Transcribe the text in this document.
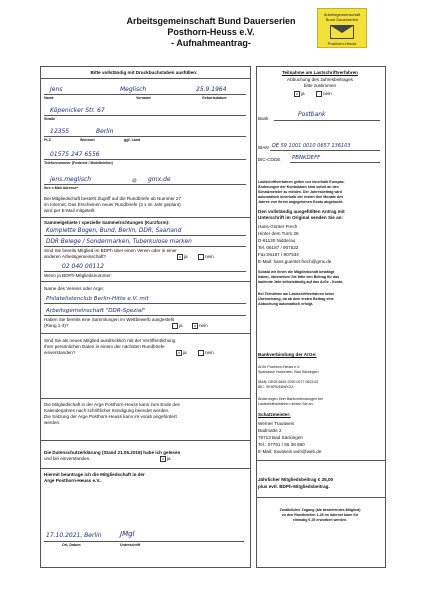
Arbeitsgemeinschaft Bund Dauerserien
Posthorn-Heuss e.V.
- Aufnahmeantrag-
Arbeitsgemeinschaft
Bund Dauerserien
Posthorn-Heuss
Bitte vollständig mit Druckbuchstaben ausfüllen:
Jens	Meglisch	25.9.1964
Name	Vorname	Geburtsdatum
Köpenicker Str. 67
Straße
12355	Berlin
PLZ	Wohnort	ggf. Land
01575 247 6556
Telefonnummer (Festnetz / Mobiltelefon)
jens.meglisch	@ gmx.de
Ihre e-Mail Adresse*
Bei Mitgliedschaft besteht Zugriff auf die Rundbriefe ab Nummer 27
im Internet. Das Erscheinen neuer Rundbriefe (3 x im Jahr geplant)
wird per E-Mail mitgeteilt.
Sammelgebiete / spezielle Sammelrichtungen (Kurzform):
Komplette Bogen, Bund, Berlin, DDR, Saarland
DDR Belege / Sondermarken, Tuberkulose marken
Sind Sie bereits Mitglied im BDPh über einen Verein oder in einer
anderen Arbeitsgemeinschaft?	x ja	nein
02 040 00112
Wenn ja BDPh-Mitgliedsnummer:
Name des Vereins oder Arge:
Philatelistenclub Berlin-Hitte e.V. mit
Arbeitsgemeinschaft "DDR-Spezial"
Haben Sie bereits eine Sammlungen im Wettbewerb ausgestellt
(Rang 1-3)?	ja	x nein
Sind Sie als neues Mitglied ausdrücklich mit der Veröffentlichung
Ihrer persönlichen Daten in einem der nächsten Rundbriefe
einverstanden?	x ja	nein
Die Mitgliedschaft in der Arge Posthorn-Heuss kann zum Ende des
Kalenderjahres nach schriftlicher Kündigung beendet werden.
Die Satzung der Arge Posthorn-Heuss kann im vorab angefordert
werden.
Die Datenschutzerklärung (Stand 21.05.2018) habe ich gelesen
und bin einverstanden.	x ja
Hiermit beantrage ich die Mitgliedschaft in der
Arge Posthorn-Heuss e.V..
17.10.2021, Berlin	JMgl
Ort, Datum	Unterschrift
Teilnahme am Lastschriftverfahren
Abbuchung des Jahresbeitrages
bitte zustimmen
x ja	nein
Bank
Postbank
IBAN DE 59 1001 0010 0657 136103
BIC-CODE PBNKDEFF
Lastschriftverfahren gelten nur innerhalb Europas.
Änderungen der Kontodaten sind sofort an den
Schatzmeister zu melden. Der Jahresbeitrag wird
automatisch innerhalb der ersten drei Monate des
Jahres von Ihrem angegebenen Konto abgebucht.
Den vollständig ausgefüllten Antrag mit
Unterschrift im Original senden Sie an:
Hans-Günter Frech
Hinter dem Turm 28
D-61130 Nidderau
Tel. 06187 / 907532
Fax:06187 / 907534
E-Mail: hans.guenter.frech@gmx.de
Sobald wir Ihnen die Mitgliedschaft bestätigt
haben, überweisen Sie bitte den Beitrag für das
laufende Jahr selbstständig auf das ArGe - Konto.
Bei Teilnahme am Lastschriftverfahren keine
Überweisung, da ab dem ersten Beitrag eine
Abbuchung automatisch erfolgt.
Bankverbindung der ArGe:
ArGe Posthorn-Heuss e.V.
Sparkasse Hochrhein, Bad Säckingen
IBAN: DE08 6845 2290 0077 0633 62
BIC: SKHRDE6WXXX
Änderungen Ihrer Bankverbindungen bei
Lastschriftverfahren richten Sie an:
Schatzmeister:
Werner Trautwein
Badmatte 2
79713 Bad Säckingen
Tel.: 07761 / 55 38 660
E-Mail: trautwein.wuh@web.de
Jährlicher Mitgliedsbeitrag € 25,00
plus evtl. BDPh-Mitgliedsbeitrag.
Zusätzlicher Zugang (als bestehendes Mitglied)
zu den Rundbriefen 1-26 im Internet kann für
einmalig € 25 erworben werden.
